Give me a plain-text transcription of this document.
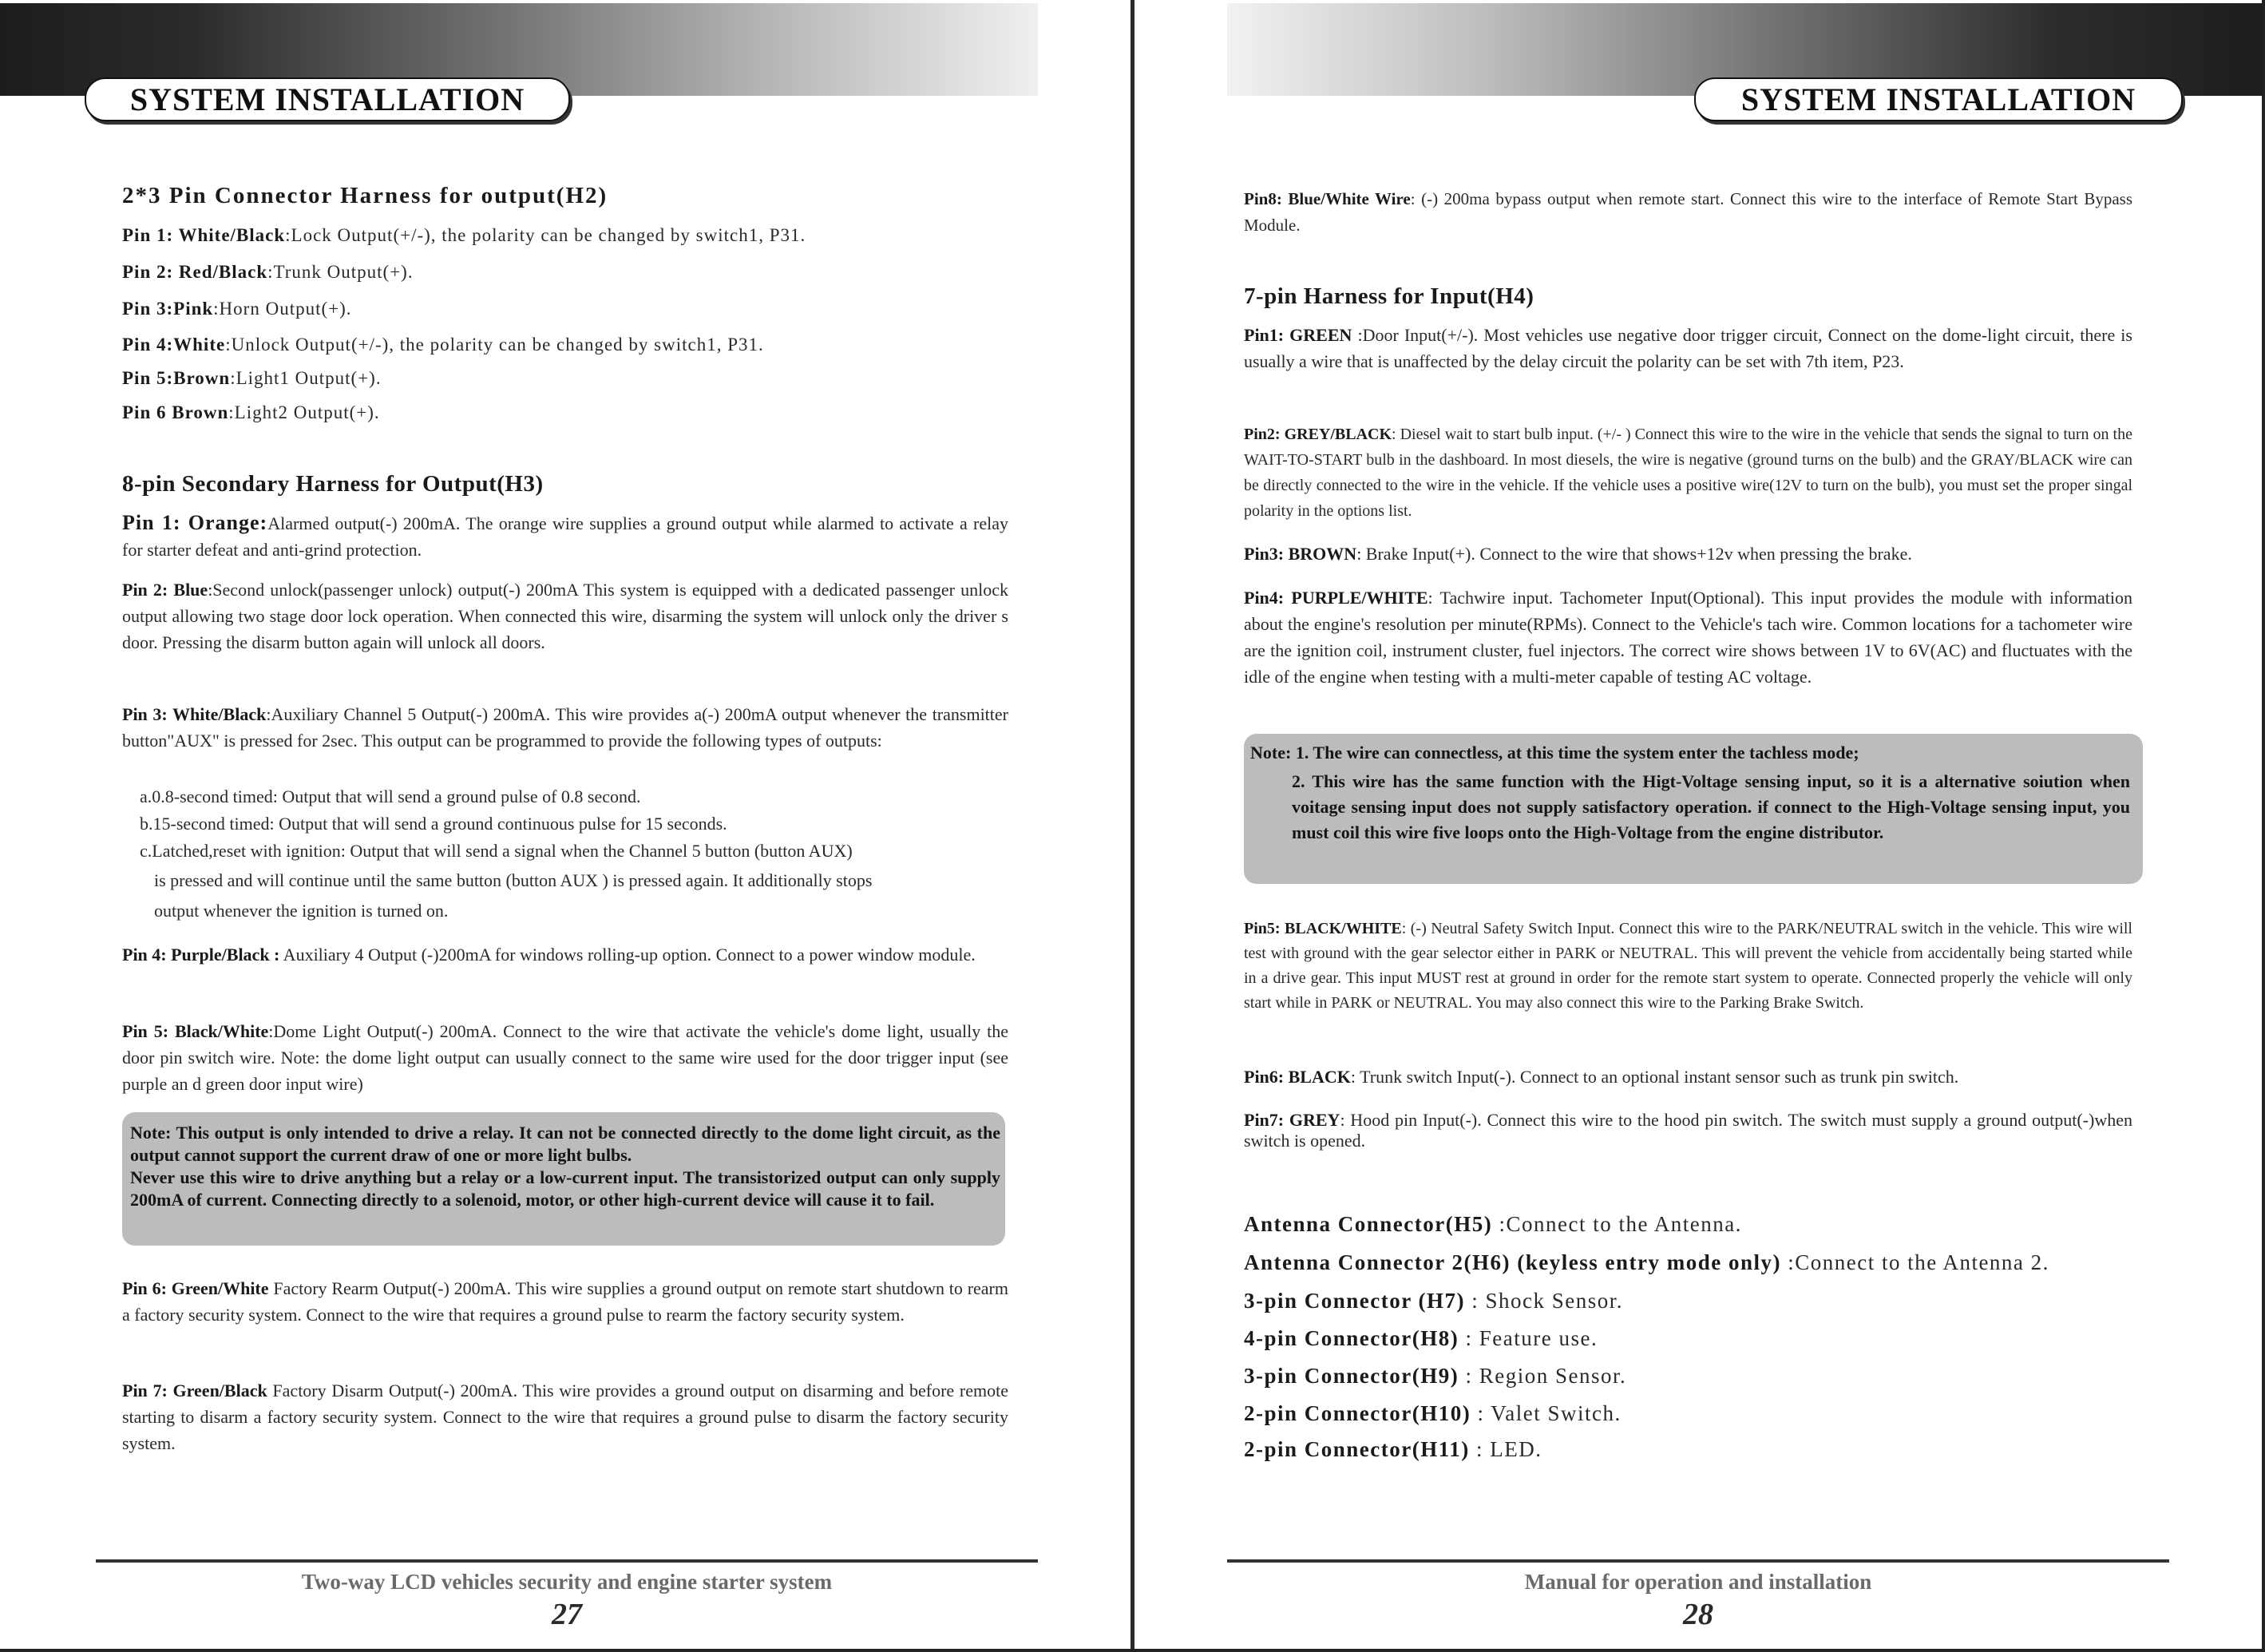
SYSTEM INSTALLATION
2*3 Pin Connector Harness for output(H2)
Pin 1: White/Black:Lock Output(+/-), the polarity can be changed by switch1, P31.
Pin 2: Red/Black:Trunk Output(+).
Pin 3:Pink:Horn Output(+).
Pin 4:White:Unlock Output(+/-), the polarity can be changed by switch1, P31.
Pin 5:Brown:Light1 Output(+).
Pin 6 Brown:Light2 Output(+).
8-pin Secondary Harness for Output(H3)
Pin 1: Orange:Alarmed output(-) 200mA. The orange wire supplies a ground output while alarmed to activate a relay for starter defeat and anti-grind protection.
Pin 2: Blue:Second unlock(passenger unlock) output(-) 200mA This system is equipped with a dedicated passenger unlock output allowing two stage door lock operation. When connected this wire, disarming the system will unlock only the driver s door. Pressing the disarm button again will unlock all doors.
Pin 3: White/Black:Auxiliary Channel 5 Output(-) 200mA. This wire provides a(-) 200mA output whenever the transmitter button"AUX" is pressed for 2sec. This output can be programmed to provide the following types of outputs:
a.0.8-second timed: Output that will send a ground pulse of 0.8 second.
b.15-second timed: Output that will send a ground continuous pulse for 15 seconds.
c.Latched,reset with ignition: Output that will send a signal when the Channel 5 button (button AUX)
is pressed and will continue until the same button (button AUX ) is pressed again. It additionally stops
output whenever the ignition is turned on.
Pin 4: Purple/Black : Auxiliary 4 Output (-)200mA for windows rolling-up option. Connect to a power window module.
Pin 5: Black/White:Dome Light Output(-) 200mA. Connect to the wire that activate the vehicle's dome light, usually the door pin switch wire. Note: the dome light output can usually connect to the same wire used for the door trigger input (see purple an d green door input wire)
Note: This output is only intended to drive a relay. It can not be connected directly to the dome light circuit, as the output cannot support the current draw of one or more light bulbs.
Never use this wire to drive anything but a relay or a low-current input. The transistorized output can only supply 200mA of current. Connecting directly to a solenoid, motor, or other high-current device will cause it to fail.
Pin 6: Green/White Factory Rearm Output(-) 200mA. This wire supplies a ground output on remote start shutdown to rearm a factory security system. Connect to the wire that requires a ground pulse to rearm the factory security system.
Pin 7: Green/Black Factory Disarm Output(-) 200mA. This wire provides a ground output on disarming and before remote starting to disarm a factory security system. Connect to the wire that requires a ground pulse to disarm the factory security system.
Two-way LCD vehicles security and engine starter system
27
SYSTEM INSTALLATION
Pin8: Blue/White Wire: (-) 200ma bypass output when remote start. Connect this wire to the interface of Remote Start Bypass Module.
7-pin Harness for Input(H4)
Pin1: GREEN :Door Input(+/-). Most vehicles use negative door trigger circuit, Connect on the dome-light circuit, there is usually a wire that is unaffected by the delay circuit the polarity can be set with 7th item, P23.
Pin2: GREY/BLACK: Diesel wait to start bulb input. (+/- ) Connect this wire to the wire in the vehicle that sends the signal to turn on the WAIT-TO-START bulb in the dashboard. In most diesels, the wire is negative (ground turns on the bulb) and the GRAY/BLACK wire can be directly connected to the wire in the vehicle. If the vehicle uses a positive wire(12V to turn on the bulb), you must set the proper singal polarity in the options list.
Pin3: BROWN: Brake Input(+). Connect to the wire that shows+12v when pressing the brake.
Pin4: PURPLE/WHITE: Tachwire input. Tachometer Input(Optional). This input provides the module with information about the engine's resolution per minute(RPMs). Connect to the Vehicle's tach wire. Common locations for a tachometer wire are the ignition coil, instrument cluster, fuel injectors. The correct wire shows between 1V to 6V(AC) and fluctuates with the idle of the engine when testing with a multi-meter capable of testing AC voltage.
Note: 1. The wire can connectless, at this time the system enter the tachless mode;
2. This wire has the same function with the Higt-Voltage sensing input, so it is a alternative soiution when voitage sensing input does not supply satisfactory operation. if connect to the High-Voltage sensing input, you must coil this wire five loops onto the High-Voltage from the engine distributor.
Pin5: BLACK/WHITE: (-) Neutral Safety Switch Input. Connect this wire to the PARK/NEUTRAL switch in the vehicle. This wire will test with ground with the gear selector either in PARK or NEUTRAL. This will prevent the vehicle from accidentally being started while in a drive gear. This input MUST rest at ground in order for the remote start system to operate. Connected properly the vehicle will only start while in PARK or NEUTRAL. You may also connect this wire to the Parking Brake Switch.
Pin6: BLACK: Trunk switch Input(-). Connect to an optional instant sensor such as trunk pin switch.
Pin7: GREY: Hood pin Input(-). Connect this wire to the hood pin switch. The switch must supply a ground output(-)when switch is opened.
Antenna Connector(H5) :Connect to the Antenna.
Antenna Connector 2(H6) (keyless entry mode only) :Connect to the Antenna 2.
3-pin Connector (H7) : Shock Sensor.
4-pin Connector(H8) : Feature use.
3-pin Connector(H9) : Region Sensor.
2-pin Connector(H10) : Valet Switch.
2-pin Connector(H11) : LED.
Manual for operation and installation
28
